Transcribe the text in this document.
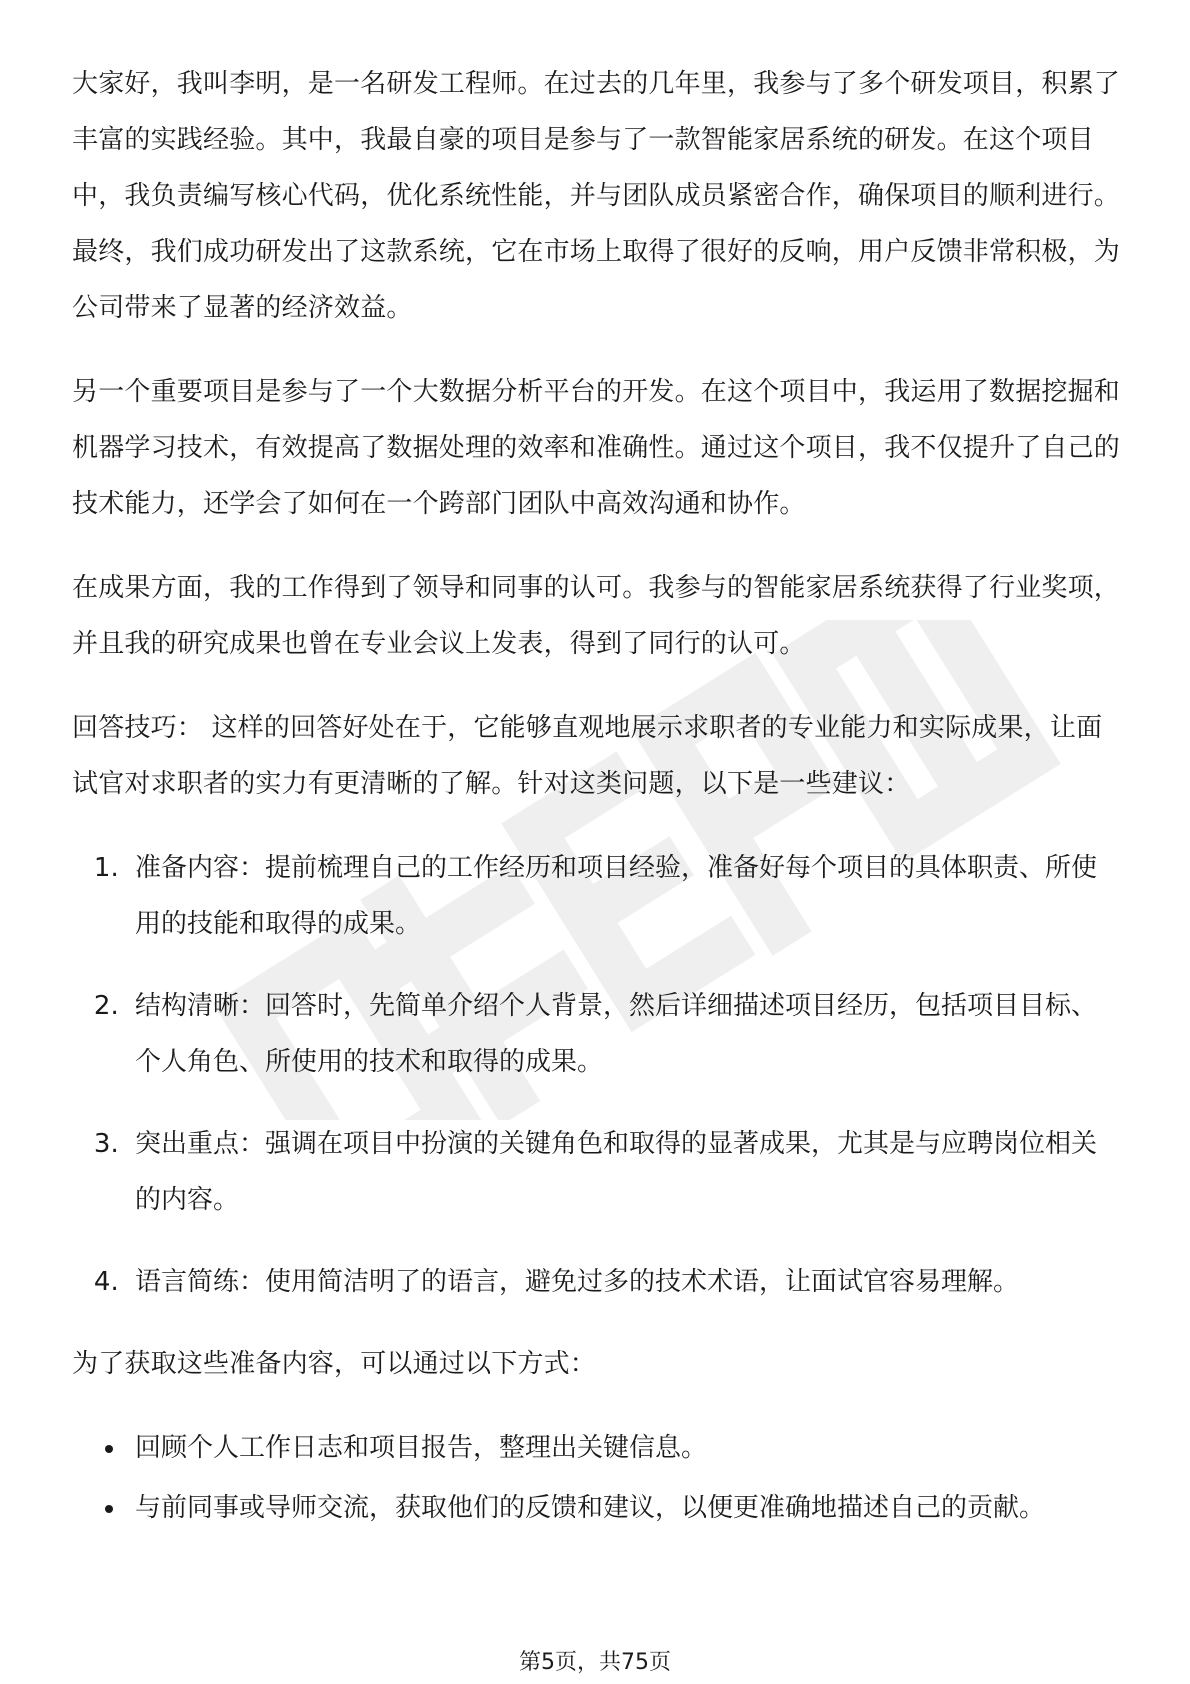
大家好，我叫李明，是一名研发工程师。在过去的几年里，我参与了多个研发项目，积累了丰富的实践经验。其中，我最自豪的项目是参与了一款智能家居系统的研发。在这个项目中，我负责编写核心代码，优化系统性能，并与团队成员紧密合作，确保项目的顺利进行。最终，我们成功研发出了这款系统，它在市场上取得了很好的反响，用户反馈非常积极，为公司带来了显著的经济效益。

另一个重要项目是参与了一个大数据分析平台的开发。在这个项目中，我运用了数据挖掘和机器学习技术，有效提高了数据处理的效率和准确性。通过这个项目，我不仅提升了自己的技术能力，还学会了如何在一个跨部门团队中高效沟通和协作。

在成果方面，我的工作得到了领导和同事的认可。我参与的智能家居系统获得了行业奖项，并且我的研究成果也曾在专业会议上发表，得到了同行的认可。

回答技巧： 这样的回答好处在于，它能够直观地展示求职者的专业能力和实际成果，让面试官对求职者的实力有更清晰的了解。针对这类问题，以下是一些建议：

1. 准备内容：提前梳理自己的工作经历和项目经验，准备好每个项目的具体职责、所使用的技能和取得的成果。
2. 结构清晰：回答时，先简单介绍个人背景，然后详细描述项目经历，包括项目目标、个人角色、所使用的技术和取得的成果。
3. 突出重点：强调在项目中扮演的关键角色和取得的显著成果，尤其是与应聘岗位相关的内容。
4. 语言简练：使用简洁明了的语言，避免过多的技术术语，让面试官容易理解。

为了获取这些准备内容，可以通过以下方式：

• 回顾个人工作日志和项目报告，整理出关键信息。
• 与前同事或导师交流，获取他们的反馈和建议，以便更准确地描述自己的贡献。
第5页，共75页
